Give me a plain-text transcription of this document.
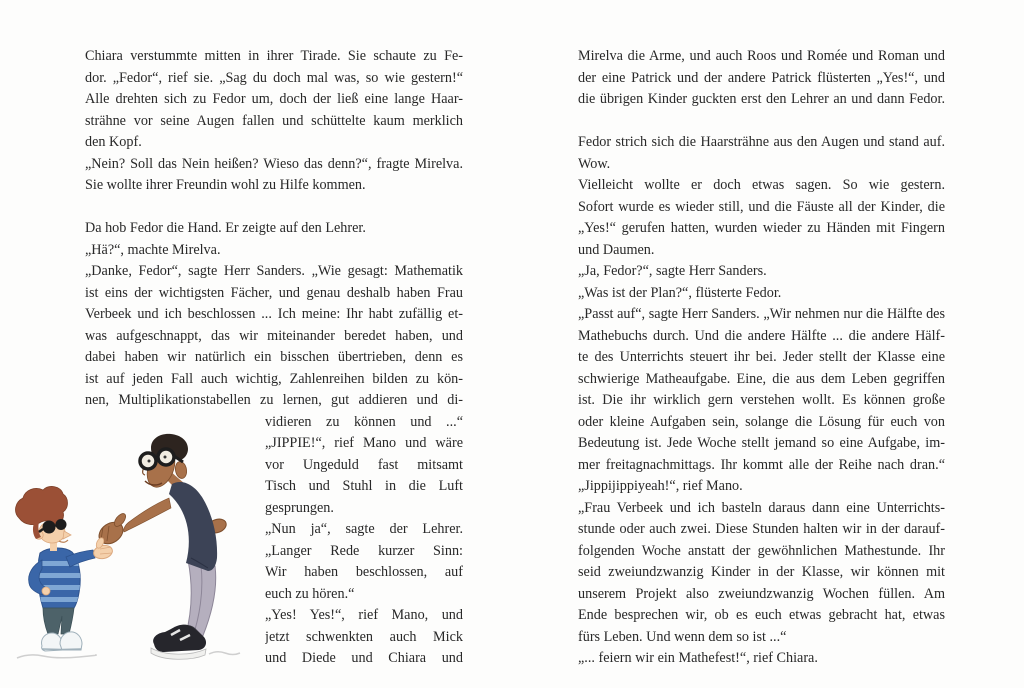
Chiara verstummte mitten in ihrer Tirade. Sie schaute zu Fe-
dor. „Fedor“, rief sie. „Sag du doch mal was, so wie gestern!“
Alle drehten sich zu Fedor um, doch der ließ eine lange Haar-
strähne vor seine Augen fallen und schüttelte kaum merklich
den Kopf.
„Nein? Soll das Nein heißen? Wieso das denn?“, fragte Mirelva.
Sie wollte ihrer Freundin wohl zu Hilfe kommen.
Da hob Fedor die Hand. Er zeigte auf den Lehrer.
„Hä?“, machte Mirelva.
„Danke, Fedor“, sagte Herr Sanders. „Wie gesagt: Mathematik
ist eins der wichtigsten Fächer, und genau deshalb haben Frau
Verbeek und ich beschlossen ... Ich meine: Ihr habt zufällig et-
was aufgeschnappt, das wir miteinander beredet haben, und
dabei haben wir natürlich ein bisschen übertrieben, denn es
ist auf jeden Fall auch wichtig, Zahlenreihen bilden zu kön-
nen, Multiplikationstabellen zu lernen, gut addieren und di-
vidieren zu können und ...“
„JIPPIE!“, rief Mano und wäre
vor Ungeduld fast mitsamt
Tisch und Stuhl in die Luft
gesprungen.
„Nun ja“, sagte der Lehrer.
„Langer Rede kurzer Sinn:
Wir haben beschlossen, auf
euch zu hören.“
„Yes! Yes!“, rief Mano, und
jetzt schwenkten auch Mick
und Diede und Chiara und
Mirelva die Arme, und auch Roos und Romée und Roman und
der eine Patrick und der andere Patrick flüsterten „Yes!“, und
die übrigen Kinder guckten erst den Lehrer an und dann Fedor.
Fedor strich sich die Haarsträhne aus den Augen und stand auf.
Wow.
Vielleicht wollte er doch etwas sagen. So wie gestern.
Sofort wurde es wieder still, und die Fäuste all der Kinder, die
„Yes!“ gerufen hatten, wurden wieder zu Händen mit Fingern
und Daumen.
„Ja, Fedor?“, sagte Herr Sanders.
„Was ist der Plan?“, flüsterte Fedor.
„Passt auf“, sagte Herr Sanders. „Wir nehmen nur die Hälfte des
Mathebuchs durch. Und die andere Hälfte ... die andere Hälf-
te des Unterrichts steuert ihr bei. Jeder stellt der Klasse eine
schwierige Matheaufgabe. Eine, die aus dem Leben gegriffen
ist. Die ihr wirklich gern verstehen wollt. Es können große
oder kleine Aufgaben sein, solange die Lösung für euch von
Bedeutung ist. Jede Woche stellt jemand so eine Aufgabe, im-
mer freitagnachmittags. Ihr kommt alle der Reihe nach dran.“
„Jippijippiyeah!“, rief Mano.
„Frau Verbeek und ich basteln daraus dann eine Unterrichts-
stunde oder auch zwei. Diese Stunden halten wir in der darauf-
folgenden Woche anstatt der gewöhnlichen Mathestunde. Ihr
seid zweiundzwanzig Kinder in der Klasse, wir können mit
unserem Projekt also zweiundzwanzig Wochen füllen. Am
Ende besprechen wir, ob es euch etwas gebracht hat, etwas
fürs Leben. Und wenn dem so ist ...“
„... feiern wir ein Mathefest!“, rief Chiara.
